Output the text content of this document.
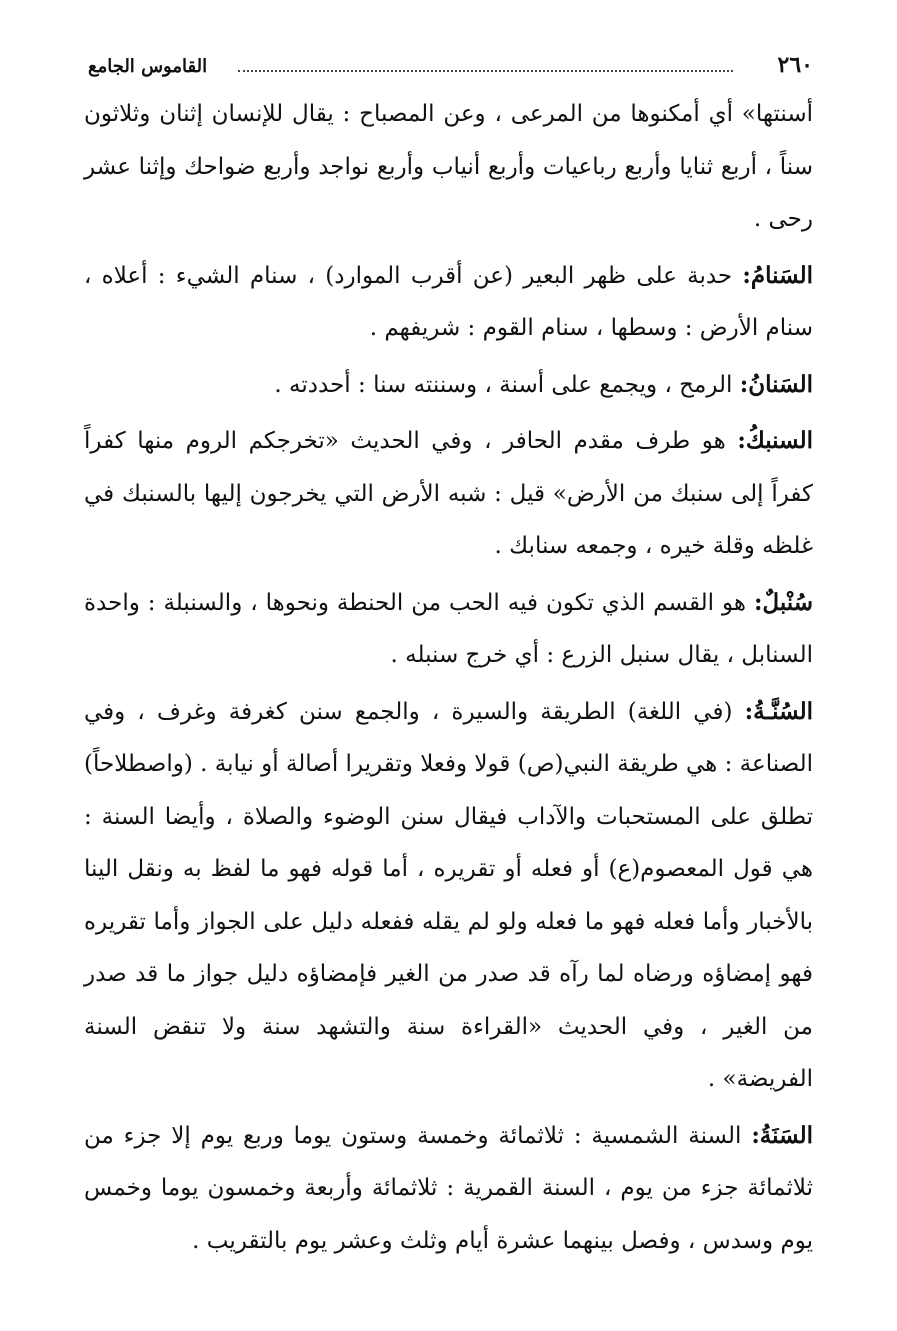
٢٦٠
القاموس الجامع

أسنتها» أي أمكنوها من المرعى ، وعن المصباح : يقال للإنسان إثنان وثلاثون سناً ، أربع ثنايا وأربع رباعيات وأربع أنياب وأربع نواجد وأربع ضواحك وإثنا عشر رحى .

السَنامُ: حدبة على ظهر البعير (عن أقرب الموارد) ، سنام الشيء : أعلاه ، سنام الأرض : وسطها ، سنام القوم : شريفهم .

السَنانُ: الرمح ، ويجمع على أسنة ، وسننته سنا : أحددته .

السنبكُ: هو طرف مقدم الحافر ، وفي الحديث «تخرجكم الروم منها كفراً كفراً إلى سنبك من الأرض» قيل : شبه الأرض التي يخرجون إليها بالسنبك في غلظه وقلة خيره ، وجمعه سنابك .

سُنْبلٌ: هو القسم الذي تكون فيه الحب من الحنطة ونحوها ، والسنبلة : واحدة السنابل ، يقال سنبل الزرع : أي خرج سنبله .

السُنَّـةُ: (في اللغة) الطريقة والسيرة ، والجمع سنن كغرفة وغرف ، وفي الصناعة : هي طريقة النبي(ص) قولا وفعلا وتقريرا أصالة أو نيابة . (واصطلاحاً) تطلق على المستحبات والآداب فيقال سنن الوضوء والصلاة ، وأيضا السنة : هي قول المعصوم(ع) أو فعله أو تقريره ، أما قوله فهو ما لفظ به ونقل الينا بالأخبار وأما فعله فهو ما فعله ولو لم يقله ففعله دليل على الجواز وأما تقريره فهو إمضاؤه ورضاه لما رآه قد صدر من الغير فإمضاؤه دليل جواز ما قد صدر من الغير ، وفي الحديث «القراءة سنة والتشهد سنة ولا تنقض السنة الفريضة» .

السَنَةُ: السنة الشمسية : ثلاثمائة وخمسة وستون يوما وربع يوم إلا جزء من ثلاثمائة جزء من يوم ، السنة القمرية : ثلاثمائة وأربعة وخمسون يوما وخمس يوم وسدس ، وفصل بينهما عشرة أيام وثلث وعشر يوم بالتقريب .
